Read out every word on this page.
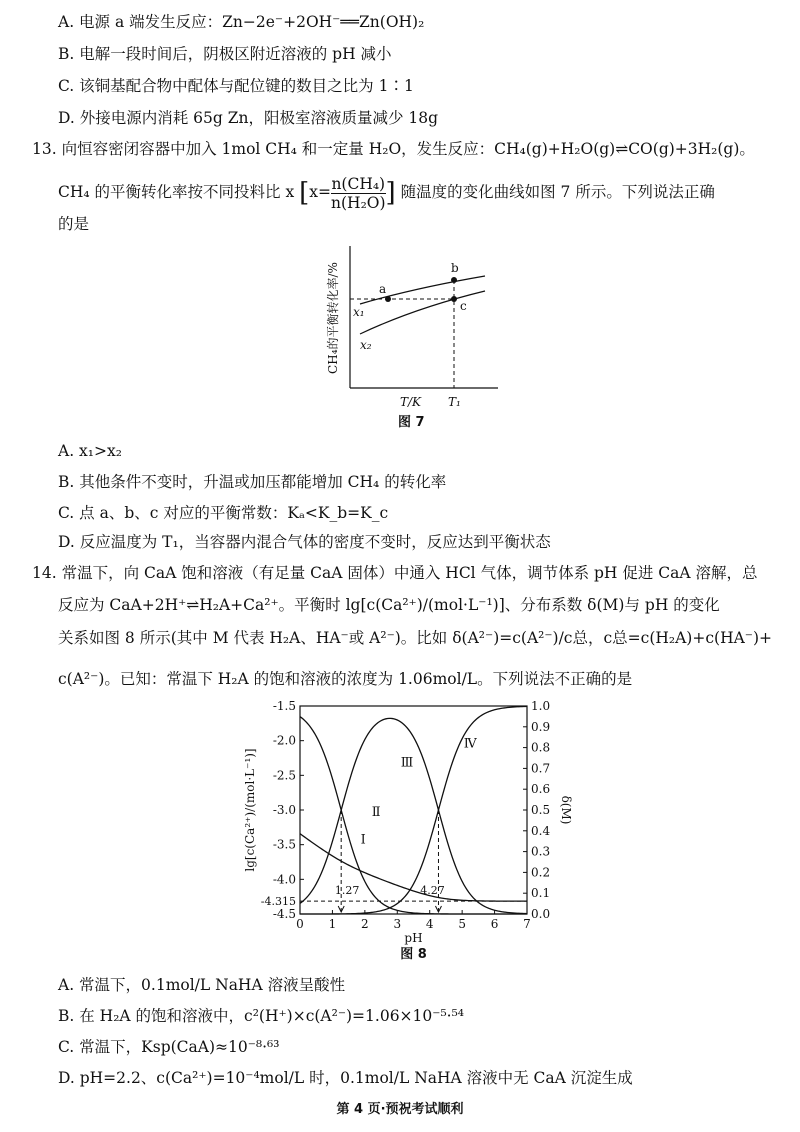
A. 电源 a 端发生反应：Zn−2e⁻+2OH⁻══Zn(OH)₂
B. 电解一段时间后，阴极区附近溶液的 pH 减小
C. 该铜基配合物中配体与配位键的数目之比为 1∶1
D. 外接电源内消耗 65g Zn，阳极室溶液质量减少 18g
13. 向恒容密闭容器中加入 1mol CH₄ 和一定量 H₂O，发生反应：CH₄(g)+H₂O(g)⇌CO(g)+3H₂(g)。
CH₄ 的平衡转化率按不同投料比 x [$x= \frac{\text{n(CH₄)}}{\text{n(H₂O)}}$ ] 随温度的变化曲线如图 7 所示。下列说法正确
的是
CH₄的平衡转化率/%	a
b
c
x₁
x₂
T/K T₁
图 7
A. x₁>x₂
B. 其他条件不变时，升温或加压都能增加 CH₄ 的转化率
C. 点 a、b、c 对应的平衡常数：Kₐ<K_b=K_c
D. 反应温度为 T₁，当容器内混合气体的密度不变时，反应达到平衡状态
14. 常温下，向 CaA 饱和溶液（有足量 CaA 固体）中通入 HCl 气体，调节体系 pH 促进 CaA 溶解，总
反应为 CaA+2H⁺⇌H₂A+Ca²⁺。平衡时 lg[c(Ca²⁺)/(mol·L⁻¹)]、分布系数 δ(M)与 pH 的变化
关系如图 8 所示(其中 M 代表 H₂A、HA⁻或 A²⁻)。比如 δ(A²⁻)=c(A²⁻)/c总，c总=c(H₂A)+c(HA⁻)+
c(A²⁻)。已知：常温下 H₂A 的饱和溶液的浓度为 1.06mol/L。下列说法不正确的是
0 1 2 3 4 5 6 7
-1.5
-2.0
-2.5
-3.0
-3.5
-4.0
-4.5
1.0
0.9
0.8
0.7
0.6
0.5
0.4
0.3
0.2
0.1
0.0
-4.315
lg[c(Ca²⁺)/(mol·L⁻¹)]	δ(M)
pH
图 8
1.27	4.27
Ⅰ
Ⅱ
Ⅲ
Ⅳ
A. 常温下，0.1mol/L NaHA 溶液呈酸性
B. 在 H₂A 的饱和溶液中，c²(H⁺)×c(A²⁻)=1.06×10⁻⁵·⁵⁴
C. 常温下，Ksp(CaA)≈10⁻⁸·⁶³
D. pH=2.2、c(Ca²⁺)=10⁻⁴mol/L 时，0.1mol/L NaHA 溶液中无 CaA 沉淀生成
第 4 页·预祝考试顺利
